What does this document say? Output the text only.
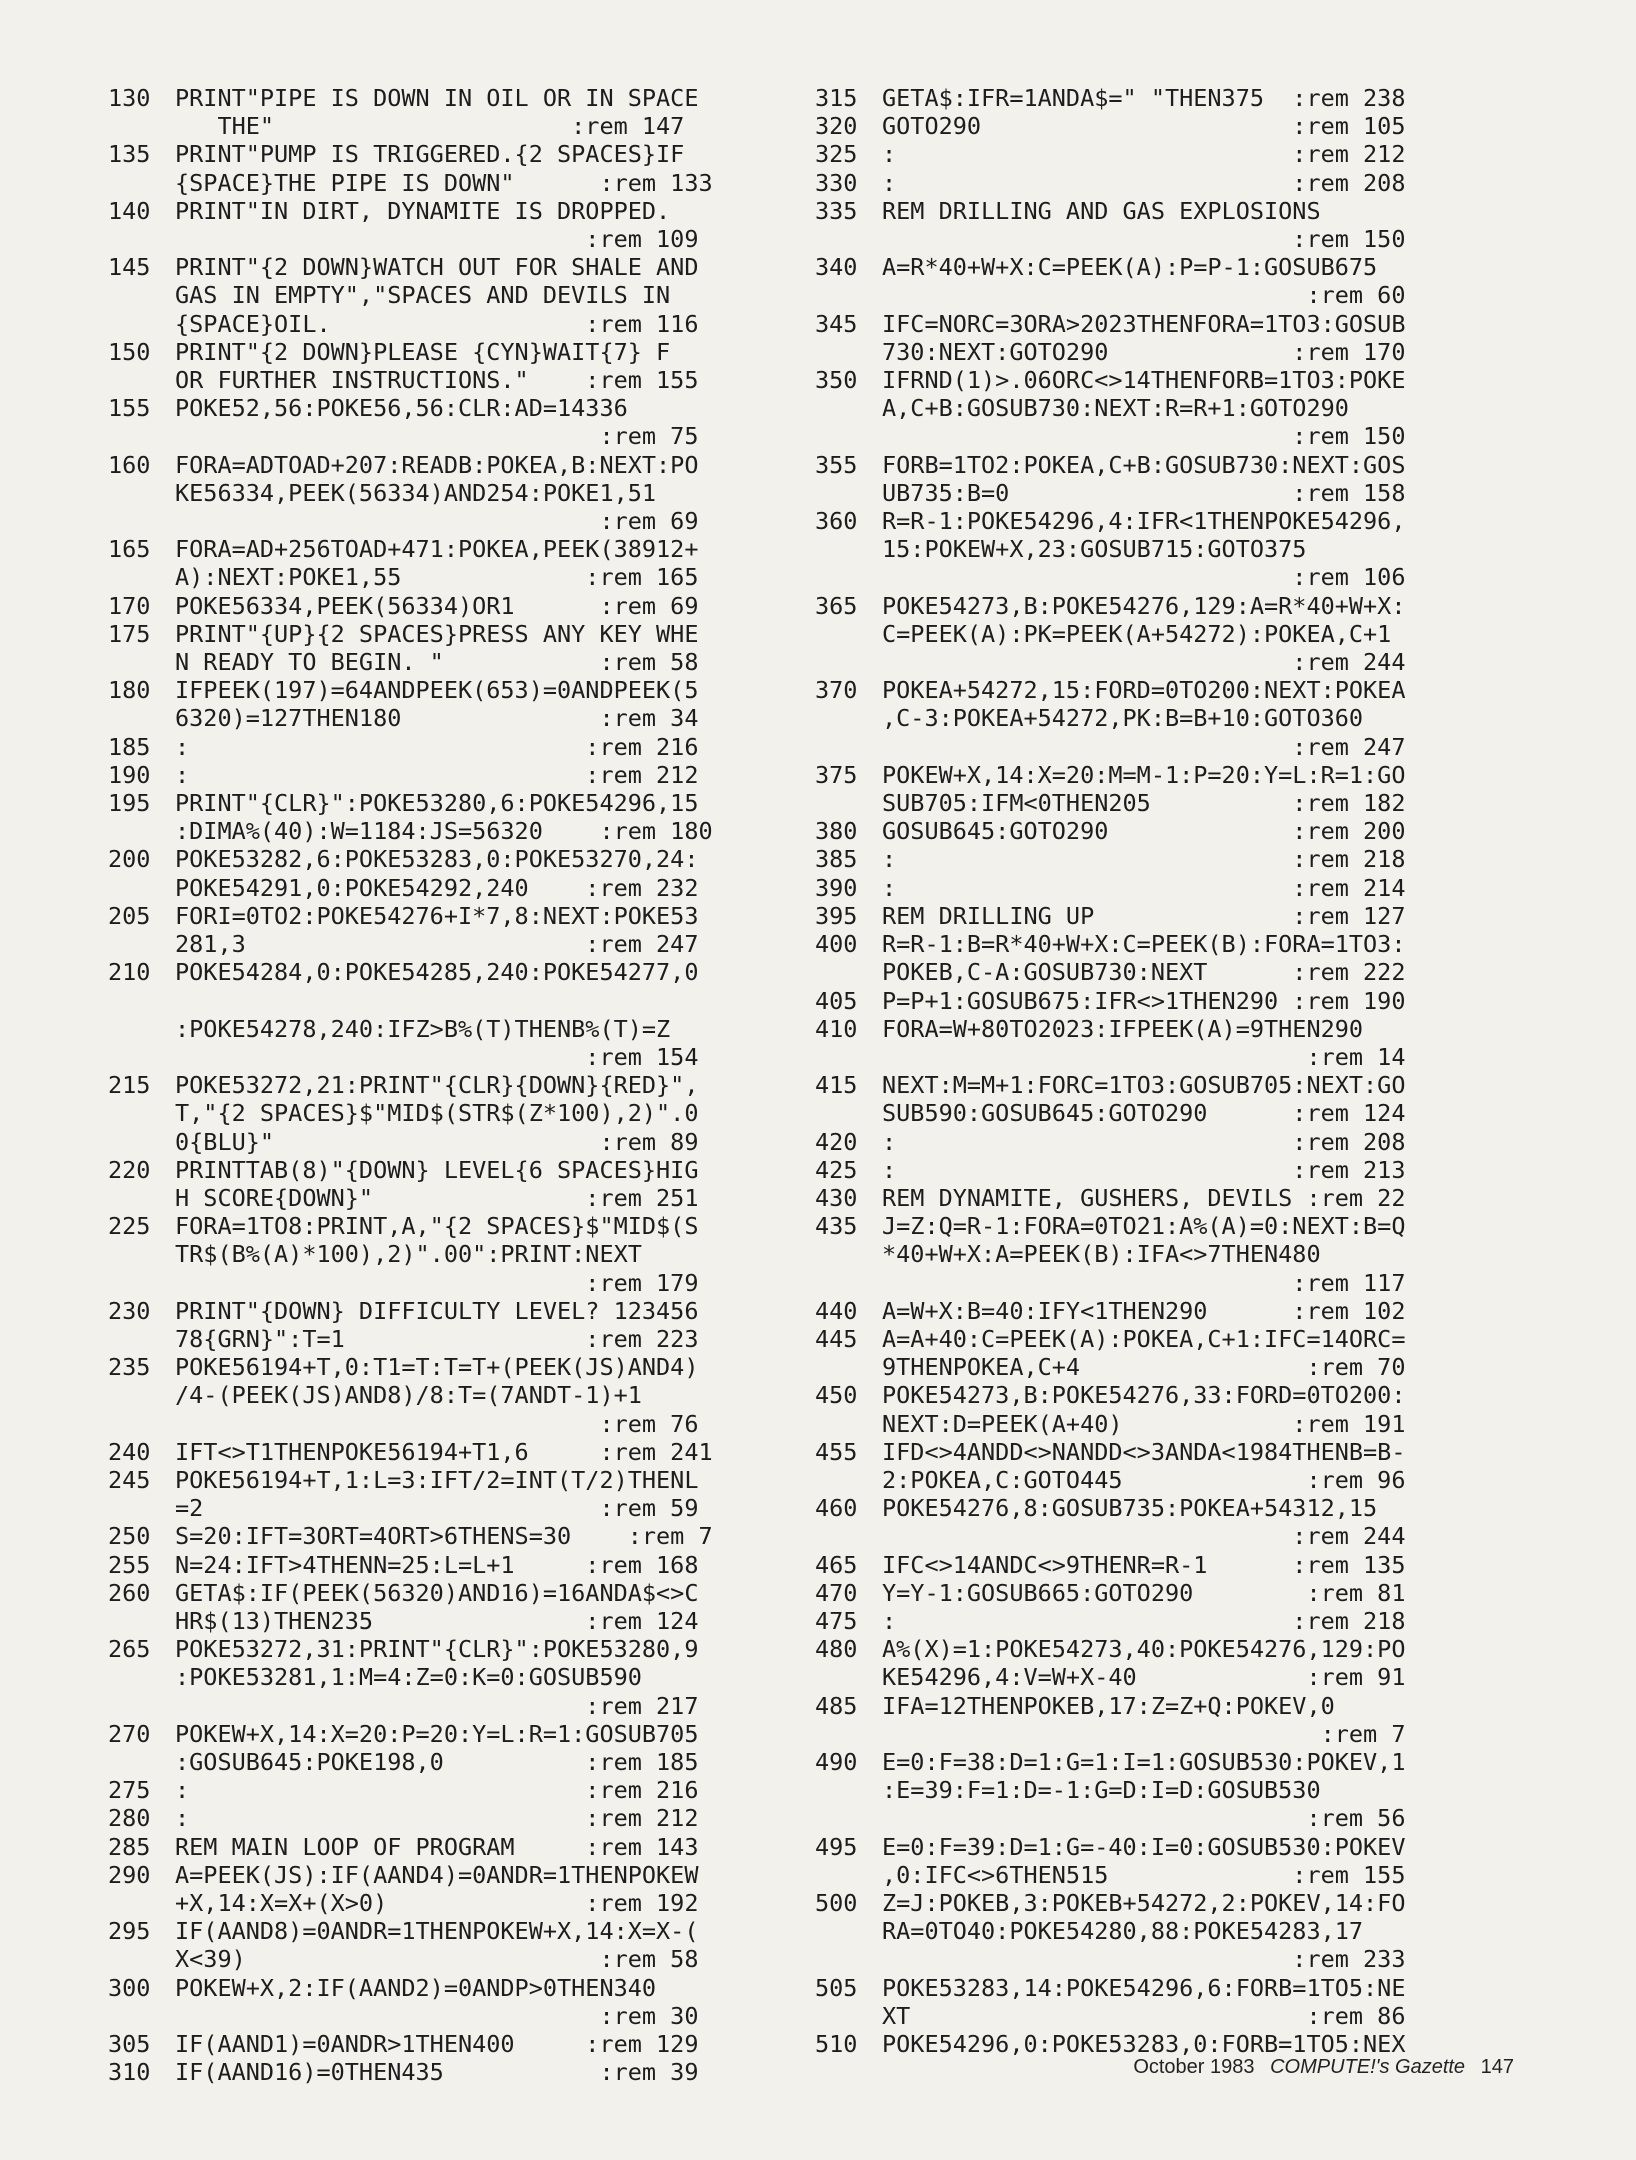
130	PRINT"PIPE IS DOWN IN OIL OR IN SPACE
THE"                     :rem 147
135	PRINT"PUMP IS TRIGGERED.{2 SPACES}IF
{SPACE}THE PIPE IS DOWN"      :rem 133
140	PRINT"IN DIRT, DYNAMITE IS DROPPED.
:rem 109
145	PRINT"{2 DOWN}WATCH OUT FOR SHALE AND
GAS IN EMPTY","SPACES AND DEVILS IN
{SPACE}OIL.                  :rem 116
150	PRINT"{2 DOWN}PLEASE {CYN}WAIT{7} F
OR FURTHER INSTRUCTIONS."    :rem 155
155	POKE52,56:POKE56,56:CLR:AD=14336
:rem 75
160	FORA=ADTOAD+207:READB:POKEA,B:NEXT:PO
KE56334,PEEK(56334)AND254:POKE1,51
:rem 69
165	FORA=AD+256TOAD+471:POKEA,PEEK(38912+
A):NEXT:POKE1,55             :rem 165
170	POKE56334,PEEK(56334)OR1      :rem 69
175	PRINT"{UP}{2 SPACES}PRESS ANY KEY WHE
N READY TO BEGIN. "           :rem 58
180	IFPEEK(197)=64ANDPEEK(653)=0ANDPEEK(5
6320)=127THEN180              :rem 34
185	:                            :rem 216
190	:                            :rem 212
195	PRINT"{CLR}":POKE53280,6:POKE54296,15
:DIMA%(40):W=1184:JS=56320    :rem 180
200	POKE53282,6:POKE53283,0:POKE53270,24:
POKE54291,0:POKE54292,240    :rem 232
205	FORI=0TO2:POKE54276+I*7,8:NEXT:POKE53
281,3                        :rem 247
210	POKE54284,0:POKE54285,240:POKE54277,0

:POKE54278,240:IFZ>B%(T)THENB%(T)=Z
:rem 154
215	POKE53272,21:PRINT"{CLR}{DOWN}{RED}",
T,"{2 SPACES}$"MID$(STR$(Z*100),2)".0
0{BLU}"                       :rem 89
220	PRINTTAB(8)"{DOWN} LEVEL{6 SPACES}HIG
H SCORE{DOWN}"               :rem 251
225	FORA=1TO8:PRINT,A,"{2 SPACES}$"MID$(S
TR$(B%(A)*100),2)".00":PRINT:NEXT
:rem 179
230	PRINT"{DOWN} DIFFICULTY LEVEL? 123456
78{GRN}":T=1                 :rem 223
235	POKE56194+T,0:T1=T:T=T+(PEEK(JS)AND4)
/4-(PEEK(JS)AND8)/8:T=(7ANDT-1)+1
:rem 76
240	IFT<>T1THENPOKE56194+T1,6     :rem 241
245	POKE56194+T,1:L=3:IFT/2=INT(T/2)THENL
=2                            :rem 59
250	S=20:IFT=3ORT=4ORT>6THENS=30    :rem 7
255	N=24:IFT>4THENN=25:L=L+1     :rem 168
260	GETA$:IF(PEEK(56320)AND16)=16ANDA$<>C
HR$(13)THEN235               :rem 124
265	POKE53272,31:PRINT"{CLR}":POKE53280,9
:POKE53281,1:M=4:Z=0:K=0:GOSUB590
:rem 217
270	POKEW+X,14:X=20:P=20:Y=L:R=1:GOSUB705
:GOSUB645:POKE198,0          :rem 185
275	:                            :rem 216
280	:                            :rem 212
285	REM MAIN LOOP OF PROGRAM     :rem 143
290	A=PEEK(JS):IF(AAND4)=0ANDR=1THENPOKEW
+X,14:X=X+(X>0)              :rem 192
295	IF(AAND8)=0ANDR=1THENPOKEW+X,14:X=X-(
X<39)                         :rem 58
300	POKEW+X,2:IF(AAND2)=0ANDP>0THEN340
:rem 30
305	IF(AAND1)=0ANDR>1THEN400     :rem 129
310	IF(AAND16)=0THEN435           :rem 39
315	GETA$:IFR=1ANDA$=" "THEN375  :rem 238
320	GOTO290                      :rem 105
325	:                            :rem 212
330	:                            :rem 208
335	REM DRILLING AND GAS EXPLOSIONS
:rem 150
340	A=R*40+W+X:C=PEEK(A):P=P-1:GOSUB675
:rem 60
345	IFC=NORC=3ORA>2023THENFORA=1TO3:GOSUB
730:NEXT:GOTO290             :rem 170
350	IFRND(1)>.06ORC<>14THENFORB=1TO3:POKE
A,C+B:GOSUB730:NEXT:R=R+1:GOTO290
:rem 150
355	FORB=1TO2:POKEA,C+B:GOSUB730:NEXT:GOS
UB735:B=0                    :rem 158
360	R=R-1:POKE54296,4:IFR<1THENPOKE54296,
15:POKEW+X,23:GOSUB715:GOTO375
:rem 106
365	POKE54273,B:POKE54276,129:A=R*40+W+X:
C=PEEK(A):PK=PEEK(A+54272):POKEA,C+1
:rem 244
370	POKEA+54272,15:FORD=0TO200:NEXT:POKEA
,C-3:POKEA+54272,PK:B=B+10:GOTO360
:rem 247
375	POKEW+X,14:X=20:M=M-1:P=20:Y=L:R=1:GO
SUB705:IFM<0THEN205          :rem 182
380	GOSUB645:GOTO290             :rem 200
385	:                            :rem 218
390	:                            :rem 214
395	REM DRILLING UP              :rem 127
400	R=R-1:B=R*40+W+X:C=PEEK(B):FORA=1TO3:
POKEB,C-A:GOSUB730:NEXT      :rem 222
405	P=P+1:GOSUB675:IFR<>1THEN290 :rem 190
410	FORA=W+80TO2023:IFPEEK(A)=9THEN290
:rem 14
415	NEXT:M=M+1:FORC=1TO3:GOSUB705:NEXT:GO
SUB590:GOSUB645:GOTO290      :rem 124
420	:                            :rem 208
425	:                            :rem 213
430	REM DYNAMITE, GUSHERS, DEVILS :rem 22
435	J=Z:Q=R-1:FORA=0TO21:A%(A)=0:NEXT:B=Q
*40+W+X:A=PEEK(B):IFA<>7THEN480
:rem 117
440	A=W+X:B=40:IFY<1THEN290      :rem 102
445	A=A+40:C=PEEK(A):POKEA,C+1:IFC=14ORC=
9THENPOKEA,C+4                :rem 70
450	POKE54273,B:POKE54276,33:FORD=0TO200:
NEXT:D=PEEK(A+40)            :rem 191
455	IFD<>4ANDD<>NANDD<>3ANDA<1984THENB=B-
2:POKEA,C:GOTO445             :rem 96
460	POKE54276,8:GOSUB735:POKEA+54312,15
:rem 244
465	IFC<>14ANDC<>9THENR=R-1      :rem 135
470	Y=Y-1:GOSUB665:GOTO290        :rem 81
475	:                            :rem 218
480	A%(X)=1:POKE54273,40:POKE54276,129:PO
KE54296,4:V=W+X-40            :rem 91
485	IFA=12THENPOKEB,17:Z=Z+Q:POKEV,0
:rem 7
490	E=0:F=38:D=1:G=1:I=1:GOSUB530:POKEV,1
:E=39:F=1:D=-1:G=D:I=D:GOSUB530
:rem 56
495	E=0:F=39:D=1:G=-40:I=0:GOSUB530:POKEV
,0:IFC<>6THEN515             :rem 155
500	Z=J:POKEB,3:POKEB+54272,2:POKEV,14:FO
RA=0TO40:POKE54280,88:POKE54283,17
:rem 233
505	POKE53283,14:POKE54296,6:FORB=1TO5:NE
XT                            :rem 86
510	POKE54296,0:POKE53283,0:FORB=1TO5:NEX
October 1983 COMPUTE!'s Gazette 147
